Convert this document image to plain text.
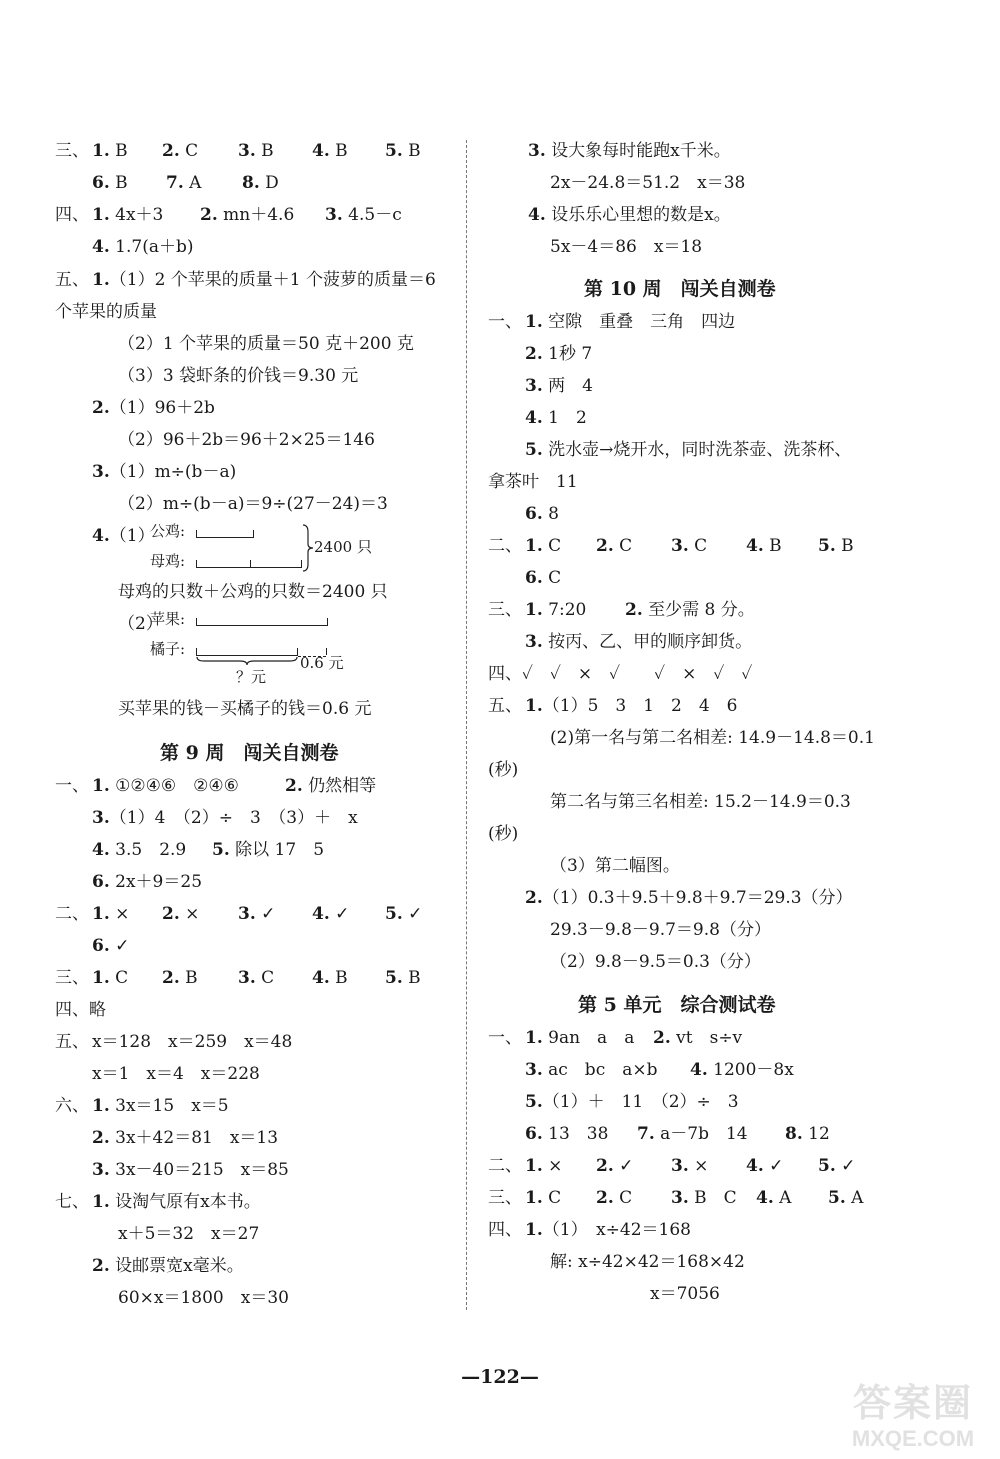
三、 1. B 2. C 3. B 4. B 5. B
6. B 7. A 8. D
四、 1. 4x＋3 2. mn＋4.6 3. 4.5－c
4. 1.7(a＋b)
五、 1.（1）2 个苹果的质量＋1 个菠萝的质量＝6
个苹果的质量
（2）1 个苹果的质量＝50 克＋200 克
（3）3 袋虾条的价钱＝9.30 元
2.（1）96＋2b
（2）96＋2b＝96＋2×25＝146
3.（1）m÷(b－a)
（2）m÷(b－a)＝9÷(27－24)＝3
4.（1）
母鸡的只数＋公鸡的只数＝2400 只
（2）
买苹果的钱－买橘子的钱＝0.6 元
一、 1. ①②④⑥　②④⑥	2. 仍然相等
3.（1）4　（2）÷　3　（3）＋　x
4. 3.5　2.9 5. 除以 17　5
6. 2x＋9＝25
二、 1. × 2. × 3. ✓ 4. ✓ 5. ✓
6. ✓
三、 1. C 2. B 3. C 4. B 5. B
四、略
五、 x＝128　x＝259　x＝48
x＝1　x＝4　x＝228
六、 1. 3x＝15　x＝5
2. 3x＋42＝81　x＝13
3. 3x－40＝215　x＝85
七、 1. 设淘气原有x本书。
x＋5＝32　x＝27
2. 设邮票宽x毫米。
60×x＝1800　x＝30
第 9 周　闯关自测卷
3. 设大象每时能跑x千米。
2x－24.8＝51.2　x＝38
4. 设乐乐心里想的数是x。
5x－4＝86　x＝18
一、 1. 空隙　重叠　三角　四边
2. 1秒 7
3. 两　4
4. 1　2
5. 洗水壶→烧开水，同时洗茶壶、洗茶杯、
拿茶叶　11
6. 8
二、 1. C 2. C 3. C 4. B 5. B
6. C
三、 1. 7:20 2. 至少需 8 分。
3. 按丙、乙、甲的顺序卸货。
四、✓　✓　×　✓　　✓　×　✓　✓
五、 1.（1）5　3　1　2　4　6
(2)第一名与第二名相差: 14.9－14.8＝0.1
(秒)
第二名与第三名相差: 15.2－14.9＝0.3
(秒)
（3）第二幅图。
2.（1）0.3＋9.5＋9.8＋9.7＝29.3（分）
29.3－9.8－9.7＝9.8（分）
（2）9.8－9.5＝0.3（分）
一、 1. 9an　a　a 2. vt　s÷v
3. ac　bc　a×b 4. 1200－8x
5.（1）＋　11　（2）÷　3
6. 13　38 7. a－7b　14 8. 12
二、 1. × 2. ✓ 3. × 4. ✓ 5. ✓
三、 1. C 2. C 3. B　C 4. A 5. A
四、 1.（1）　x÷42＝168
解: x÷42×42＝168×42
x＝7056
第 10 周　闯关自测卷
第 5 单元　综合测试卷
公鸡:
母鸡:
2400 只
苹果:
橘子:
0.6 元
？元
—122—
答案圈
MXQE.COM
